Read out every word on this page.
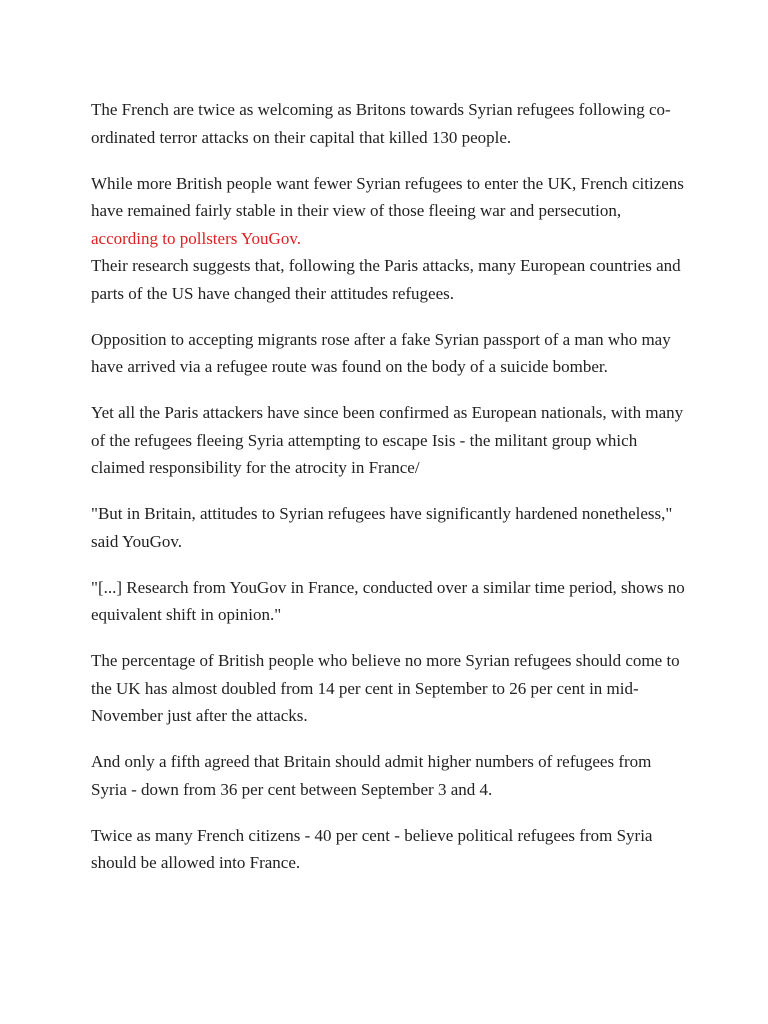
The French are twice as welcoming as Britons towards Syrian refugees following co- ordinated terror attacks on their capital that killed 130 people.

While more British people want fewer Syrian refugees to enter the UK, French citizens have remained fairly stable in their view of those fleeing war and persecution, according to pollsters YouGov.

Their research suggests that, following the Paris attacks, many European countries and parts of the US have changed their attitudes refugees.

Opposition to accepting migrants rose after a fake Syrian passport of a man who may have arrived via a refugee route was found on the body of a suicide bomber.

Yet all the Paris attackers have since been confirmed as European nationals, with many of the refugees fleeing Syria attempting to escape Isis - the militant group which claimed responsibility for the atrocity in France/

"But in Britain, attitudes to Syrian refugees have significantly hardened nonetheless," said YouGov.

"[...] Research from YouGov in France, conducted over a similar time period, shows no equivalent shift in opinion."

The percentage of British people who believe no more Syrian refugees should come to the UK has almost doubled from 14 per cent in September to 26 per cent in mid-November just after the attacks.

And only a fifth agreed that Britain should admit higher numbers of refugees from Syria - down from 36 per cent between September 3 and 4.

Twice as many French citizens - 40 per cent - believe political refugees from Syria should be allowed into France.
